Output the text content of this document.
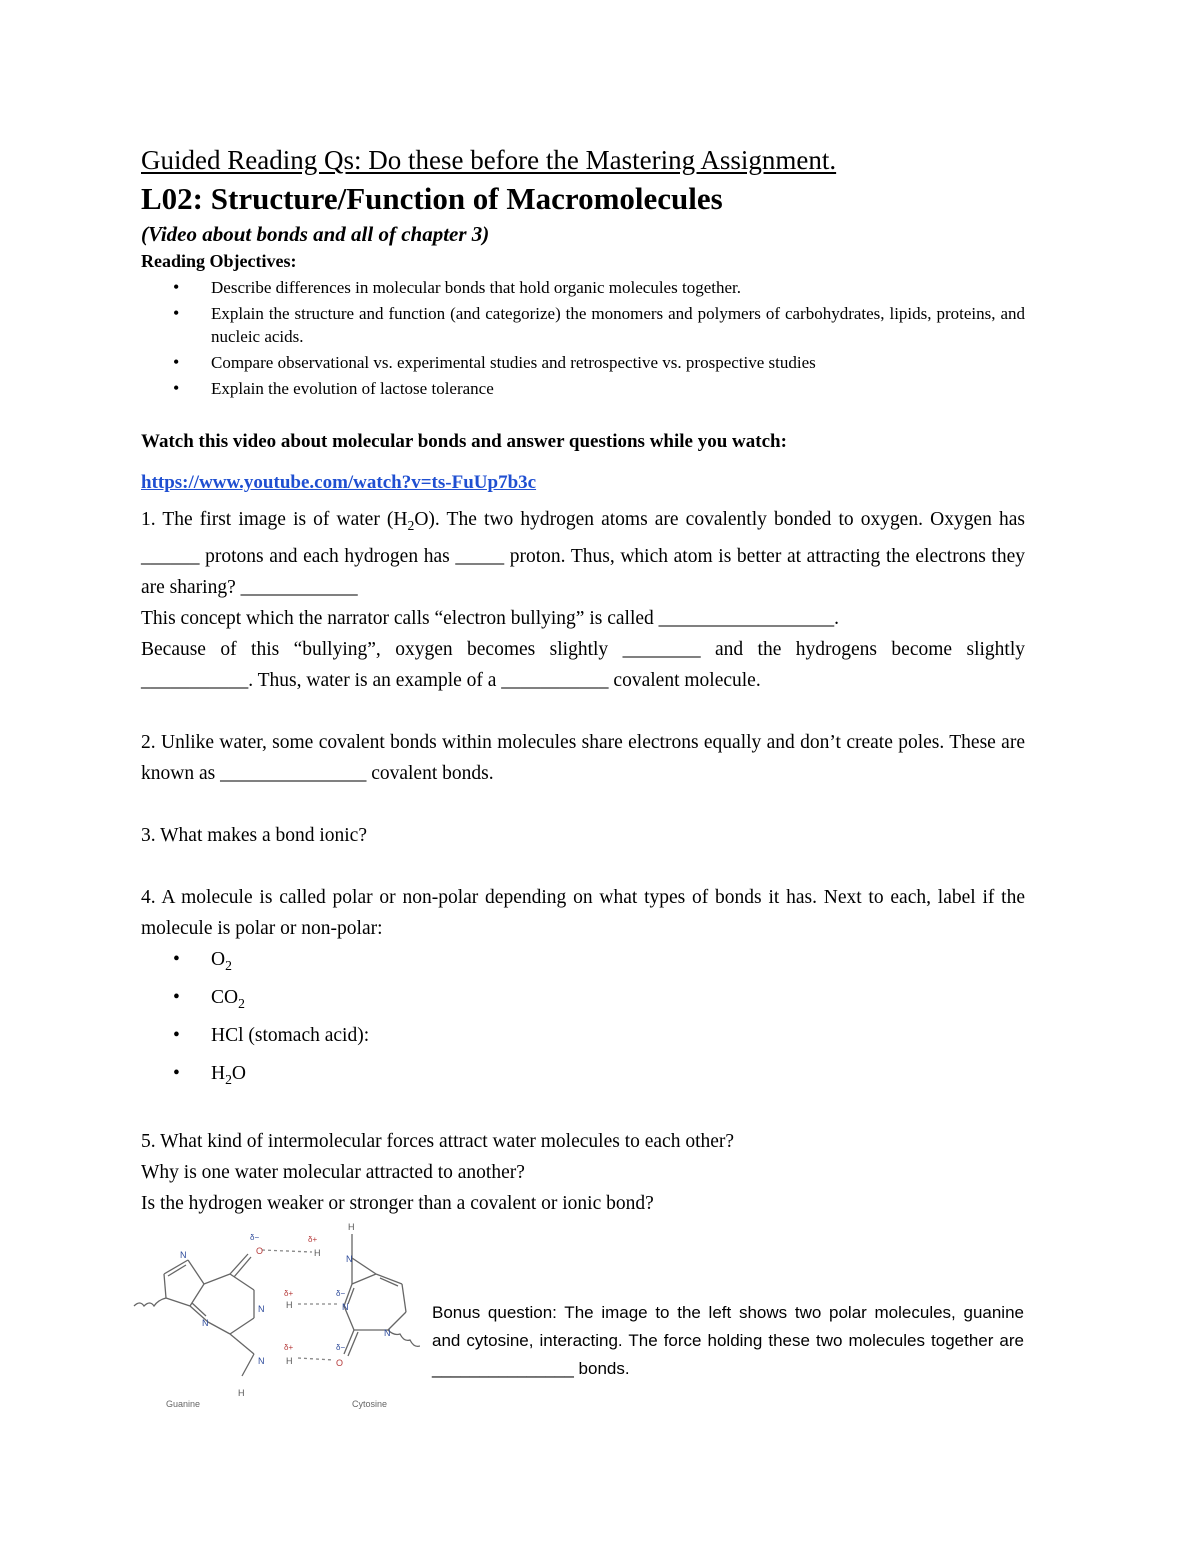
Guided Reading Qs: Do these before the Mastering Assignment.
L02: Structure/Function of Macromolecules

(Video about bonds and all of chapter 3)

Reading Objectives:

• Describe differences in molecular bonds that hold organic molecules together.
• Explain the structure and function (and categorize) the monomers and polymers of carbohydrates, lipids, proteins, and nucleic acids.
• Compare observational vs. experimental studies and retrospective vs. prospective studies
• Explain the evolution of lactose tolerance

Watch this video about molecular bonds and answer questions while you watch:

https://www.youtube.com/watch?v=ts-FuUp7b3c

1. The first image is of water $(H_2O)$. The two hydrogen atoms are covalently bonded to oxygen. Oxygen has ______ protons and each hydrogen has _____ proton. Thus, which atom is better at attracting the electrons they are sharing? ____________

This concept which the narrator calls “electron bullying” is called __________________.

Because of this “bullying”, oxygen becomes slightly ________ and the hydrogens become slightly ___________. Thus, water is an example of a ___________ covalent molecule.

2. Unlike water, some covalent bonds within molecules share electrons equally and don’t create poles. These are known as _______________ covalent bonds.

3. What makes a bond ionic?

4. A molecule is called polar or non-polar depending on what types of bonds it has. Next to each, label if the molecule is polar or non-polar:

• $O_2$
• $CO_2$
• HCl (stomach acid):
• $H_2O$

5. What kind of intermolecular forces attract water molecules to each other?

Why is one water molecular attracted to another?

Is the hydrogen weaker or stronger than a covalent or ionic bond?

N
N
O
N
N
H
H
H
H
H
N
N
N
O
δ−	δ+
δ+	δ−
δ+	δ−
Guanine	Cytosine

Bonus question: The image to the left shows two polar molecules, guanine and cytosine, interacting. The force holding these two molecules together are _______________ bonds.
